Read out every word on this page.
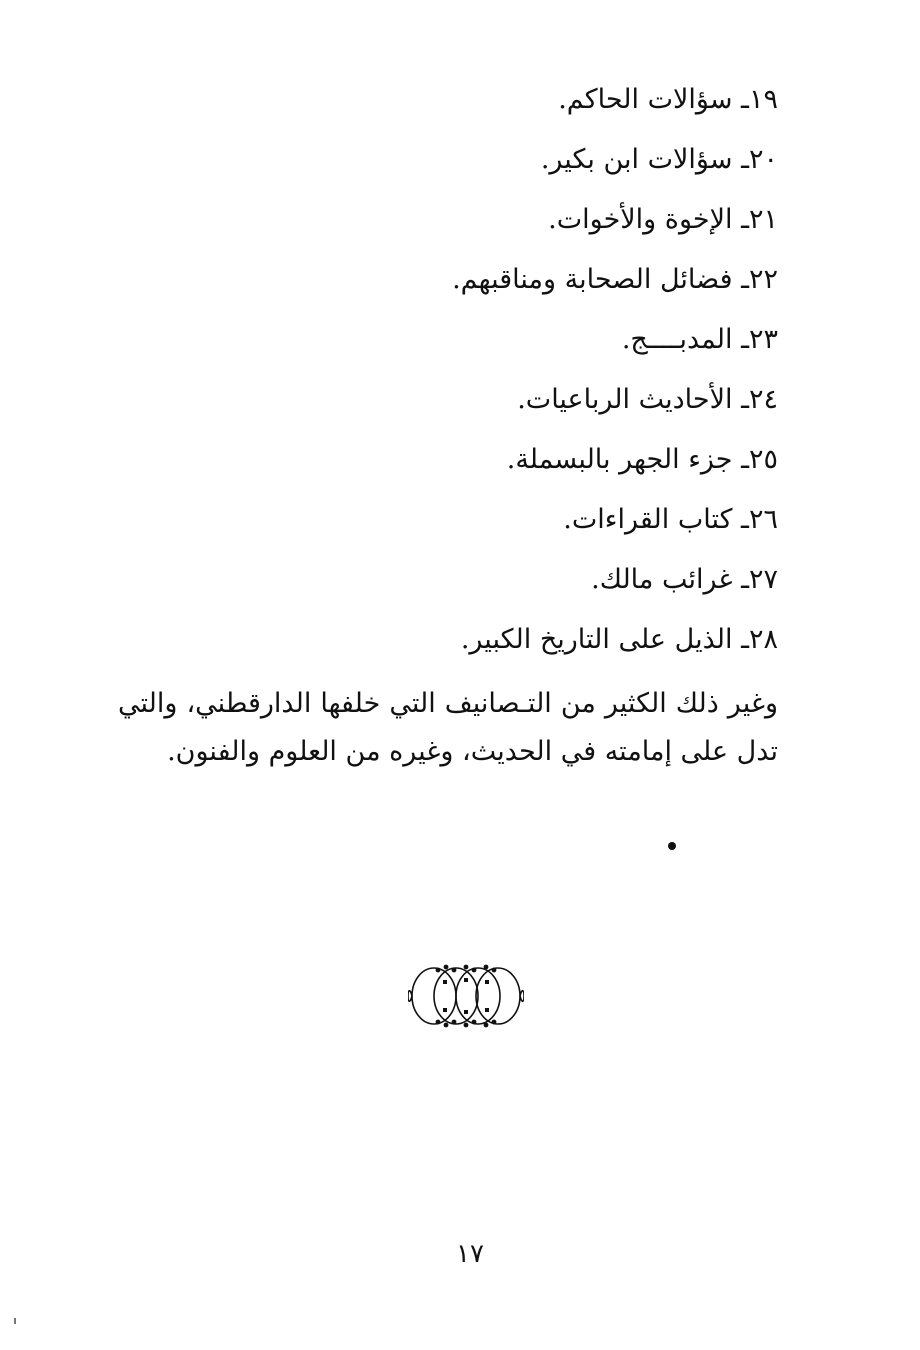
١٩ـ سؤالات الحاكم.
٢٠ـ سؤالات ابن بكير.
٢١ـ الإخوة والأخوات.
٢٢ـ فضائل الصحابة ومناقبهم.
٢٣ـ المدبــــج.
٢٤ـ الأحاديث الرباعيات.
٢٥ـ جزء الجهر بالبسملة.
٢٦ـ كتاب القراءات.
٢٧ـ غرائب مالك.
٢٨ـ الذيل على التاريخ الكبير.

وغير ذلك الكثير من التـصانيف التي خلفها الدارقطني، والتي تدل على إمامته في الحديث، وغيره من العلوم والفنون.

١٧
